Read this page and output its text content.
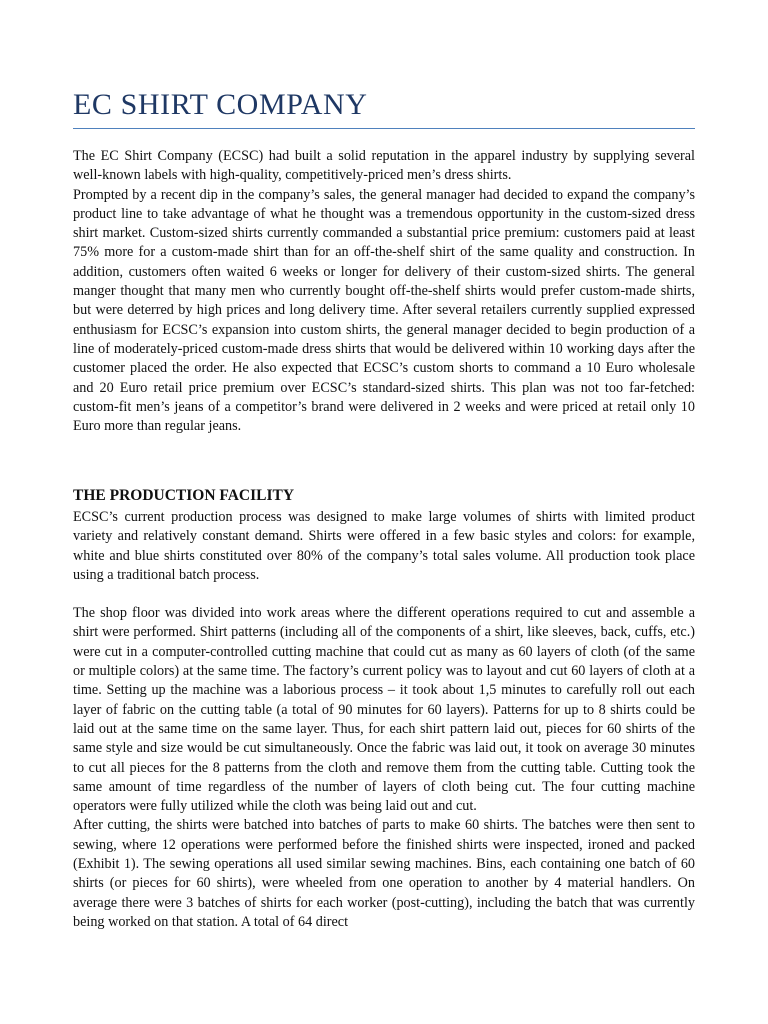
EC SHIRT COMPANY

The EC Shirt Company (ECSC) had built a solid reputation in the apparel industry by supplying several well-known labels with high-quality, competitively-priced men’s dress shirts.

Prompted by a recent dip in the company’s sales, the general manager had decided to expand the company’s product line to take advantage of what he thought was a tremendous opportunity in the custom-sized dress shirt market. Custom-sized shirts currently commanded a substantial price premium: customers paid at least 75% more for a custom-made shirt than for an off-the-shelf shirt of the same quality and construction. In addition, customers often waited 6 weeks or longer for delivery of their custom-sized shirts. The general manger thought that many men who currently bought off-the-shelf shirts would prefer custom-made shirts, but were deterred by high prices and long delivery time. After several retailers currently supplied expressed enthusiasm for ECSC’s expansion into custom shirts, the general manager decided to begin production of a line of moderately-priced custom-made dress shirts that would be delivered within 10 working days after the customer placed the order. He also expected that ECSC’s custom shorts to command a 10 Euro wholesale and 20 Euro retail price premium over ECSC’s standard-sized shirts. This plan was not too far-fetched: custom-fit men’s jeans of a competitor’s brand were delivered in 2 weeks and were priced at retail only 10 Euro more than regular jeans.

THE PRODUCTION FACILITY

ECSC’s current production process was designed to make large volumes of shirts with limited product variety and relatively constant demand. Shirts were offered in a few basic styles and colors: for example, white and blue shirts constituted over 80% of the company’s total sales volume. All production took place using a traditional batch process.

The shop floor was divided into work areas where the different operations required to cut and assemble a shirt were performed. Shirt patterns (including all of the components of a shirt, like sleeves, back, cuffs, etc.) were cut in a computer-controlled cutting machine that could cut as many as 60 layers of cloth (of the same or multiple colors) at the same time. The factory’s current policy was to layout and cut 60 layers of cloth at a time. Setting up the machine was a laborious process – it took about 1,5 minutes to carefully roll out each layer of fabric on the cutting table (a total of 90 minutes for 60 layers). Patterns for up to 8 shirts could be laid out at the same time on the same layer. Thus, for each shirt pattern laid out, pieces for 60 shirts of the same style and size would be cut simultaneously. Once the fabric was laid out, it took on average 30 minutes to cut all pieces for the 8 patterns from the cloth and remove them from the cutting table. Cutting took the same amount of time regardless of the number of layers of cloth being cut. The four cutting machine operators were fully utilized while the cloth was being laid out and cut.

After cutting, the shirts were batched into batches of parts to make 60 shirts. The batches were then sent to sewing, where 12 operations were performed before the finished shirts were inspected, ironed and packed (Exhibit 1). The sewing operations all used similar sewing machines. Bins, each containing one batch of 60 shirts (or pieces for 60 shirts), were wheeled from one operation to another by 4 material handlers. On average there were 3 batches of shirts for each worker (post-cutting), including the batch that was currently being worked on that station. A total of 64 direct
